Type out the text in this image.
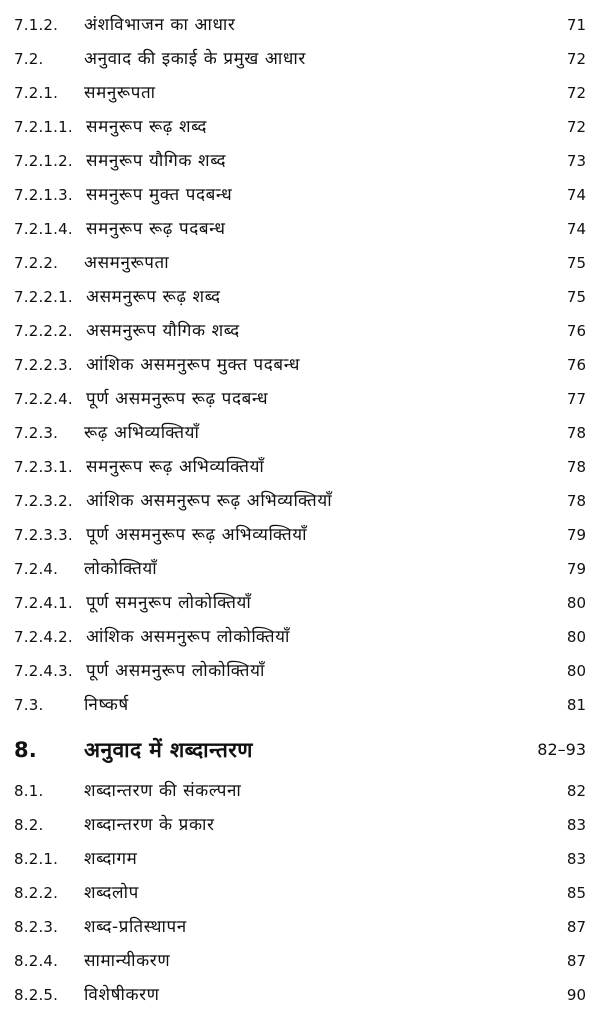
7.1.2. अंशविभाजन का आधार	71
7.2. अनुवाद की इकाई के प्रमुख आधार	72
7.2.1. समनुरूपता	72
7.2.1.1. समनुरूप रूढ़ शब्द	72
7.2.1.2. समनुरूप यौगिक शब्द	73
7.2.1.3. समनुरूप मुक्त पदबन्ध	74
7.2.1.4. समनुरूप रूढ़ पदबन्ध	74
7.2.2. असमनुरूपता	75
7.2.2.1. असमनुरूप रूढ़ शब्द	75
7.2.2.2. असमनुरूप यौगिक शब्द	76
7.2.2.3. आंशिक असमनुरूप मुक्त पदबन्ध	76
7.2.2.4. पूर्ण असमनुरूप रूढ़ पदबन्ध	77
7.2.3. रूढ़ अभिव्यक्तियाँ	78
7.2.3.1. समनुरूप रूढ़ अभिव्यक्तियाँ	78
7.2.3.2. आंशिक असमनुरूप रूढ़ अभिव्यक्तियाँ	78
7.2.3.3. पूर्ण असमनुरूप रूढ़ अभिव्यक्तियाँ	79
7.2.4. लोकोक्तियाँ	79
7.2.4.1. पूर्ण समनुरूप लोकोक्तियाँ	80
7.2.4.2. आंशिक असमनुरूप लोकोक्तियाँ	80
7.2.4.3. पूर्ण असमनुरूप लोकोक्तियाँ	80
7.3. निष्कर्ष	81
8. अनुवाद में शब्दान्तरण	82–93
8.1. शब्दान्तरण की संकल्पना	82
8.2. शब्दान्तरण के प्रकार	83
8.2.1. शब्दागम	83
8.2.2. शब्दलोप	85
8.2.3. शब्द-प्रतिस्थापन	87
8.2.4. सामान्यीकरण	87
8.2.5. विशेषीकरण	90
